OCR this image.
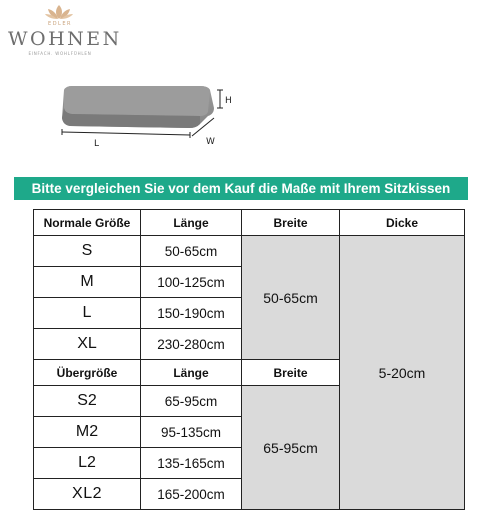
EDLER
WOHNEN
EINFACH. WOHLFÜHLEN
H
L	W
Bitte vergleichen Sie vor dem Kauf die Maße mit Ihrem Sitzkissen
Normale Größe	Länge	Breite	Dicke
S	50-65cm	50-65cm	5-20cm
M	100-125cm		
L	150-190cm		
XL	230-280cm		
Übergröße	Länge	Breite	
S2	65-95cm	65-95cm	
M2	95-135cm		
L2	135-165cm		
XL2	165-200cm		
